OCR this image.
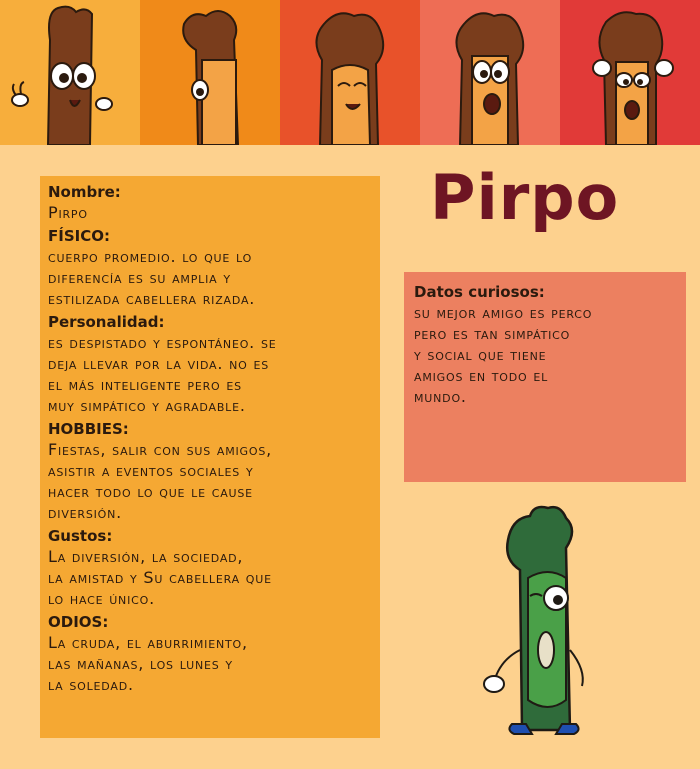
Nombre:
Pirpo
FÍSICO:
cuerpo promedio. lo que lo
diferencía es su amplia y
estilizada cabellera rizada.
Personalidad:
es despistado y espontáneo. se
deja llevar por la vida. no es
el más inteligente pero es
muy simpático y agradable.
HOBBIES:
Fiestas, salir con sus amigos,
asistir a eventos sociales y
hacer todo lo que le cause
diversión.
Gustos:
La diversión, la sociedad,
la amistad y Su cabellera que
lo hace único.
ODIOS:
La cruda, el aburrimiento,
las mañanas, los lunes y
la soledad.
Pirpo
Datos curiosos:
su mejor amigo es perco
pero es tan simpático
y social que tiene
amigos en todo el
mundo.
